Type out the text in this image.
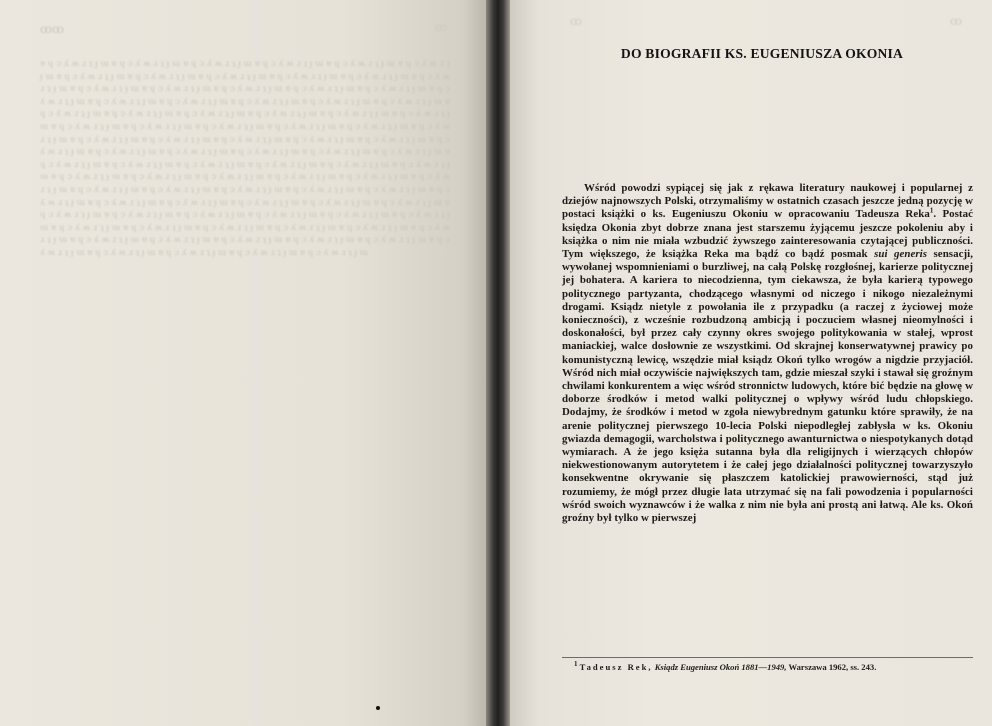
ꝏꝏ	ꝏ

ɐ ɥ ɔ ʎ ʍ ɹ ʇ ɟ ɯ ɐ ɥ ɔ ʎ ʍ ɹ ʇ ɟ ɯ ɐ ɥ ɔ ʎ ʍ ɹ ʇ ɟ ɯ ɐ ɥ ɔ ʎ ʍ ɹ ʇ ɟ ɯ ɐ ɥ ɔ ʎ ʍ ɹ ʇ ɟ ɯ ɐ ɥ ɔ ʎ ʍ ɹ ʇ ɟ ɯ ɐ ɥ ɔ ʎ ʍ ɹ ʇ ɟ ɯ ɐ ɥ ɔ ʎ ʍ ɹ ʇ ɟ ɯ ɐ ɥ ɔ ʎ ʍ ɹ ʇ ɟ ɯ ɐ ɥ ɔ ʎ ʍ ɹ ʇ ɟ ɯ ɐ ɥ ɔ ʎ ʍ ɹ ʇ ɟ ɯ ɐ ɥ ɔ ʎ ʍ ɹ ʇ ɟ ɯ ɐ ɥ ɔ ʎ ʍ ɹ ʇ ɟ ɯ ɐ ɥ ɔ ʎ ʍ ɹ ʇ ɟ ɯ ɐ ɥ ɔ ʎ ʍ ɹ ʇ ɟ ɯ ɐ ɥ ɔ ʎ ʍ ɹ ʇ ɟ ɯ ɐ ɥ ɔ ʎ ʍ ɹ ʇ ɟ ɯ ɐ ɥ ɔ ʎ ʍ ɹ ʇ ɟ ɯ ɐ ɥ ɔ ʎ ʍ ɹ ʇ ɟ ɯ ɐ ɥ ɔ ʎ ʍ ɹ ʇ ɟ ɯ ɐ ɥ ɔ ʎ ʍ ɹ ʇ ɟ ɯ ɐ ɥ ɔ ʎ ʍ ɹ ʇ ɟ ɯ ɐ ɥ ɔ ʎ ʍ ɹ ʇ ɟ ɯ ɐ ɥ ɔ ʎ ʍ ɹ ʇ ɟ ɯ ɐ ɥ ɔ ʎ ʍ ɹ ʇ ɟ ɯ ɐ ɥ ɔ ʎ ʍ ɹ ʇ ɟ ɯ ɐ ɥ ɔ ʎ ʍ ɹ ʇ ɟ ɯ ɐ ɥ ɔ ʎ ʍ ɹ ʇ ɟ ɯ ɐ ɥ ɔ ʎ ʍ ɹ ʇ ɟ ɯ ɐ ɥ ɔ ʎ ʍ ɹ ʇ ɟ ɯ ɐ ɥ ɔ ʎ ʍ ɹ ʇ ɟ ɯ ɐ ɥ ɔ ʎ ʍ ɹ ʇ ɟ ɯ ɐ ɥ ɔ ʎ ʍ ɹ ʇ ɟ ɯ ɐ ɥ ɔ ʎ ʍ ɹ ʇ ɟ ɯ ɐ ɥ ɔ ʎ ʍ ɹ ʇ ɟ ɯ ɐ ɥ ɔ ʎ ʍ ɹ ʇ ɟ ɯ ɐ ɥ ɔ ʎ ʍ ɹ ʇ ɟ ɯ ɐ ɥ ɔ ʎ ʍ ɹ ʇ ɟ ɯ ɐ ɥ ɔ ʎ ʍ ɹ ʇ ɟ ɯ ɐ ɥ ɔ ʎ ʍ ɹ ʇ ɟ ɯ ɐ ɥ ɔ ʎ ʍ ɹ ʇ ɟ ɯ ɐ ɥ ɔ ʎ ʍ ɹ ʇ ɟ ɯ ɐ ɥ ɔ ʎ ʍ ɹ ʇ ɟ ɯ ɐ ɥ ɔ ʎ ʍ ɹ ʇ ɟ ɯ ɐ ɥ ɔ ʎ ʍ ɹ ʇ ɟ ɯ ɐ ɥ ɔ ʎ ʍ ɹ ʇ ɟ ɯ ɐ ɥ ɔ ʎ ʍ ɹ ʇ ɟ ɯ ɐ ɥ ɔ ʎ ʍ ɹ ʇ ɟ ɯ ɐ ɥ ɔ ʎ ʍ ɹ ʇ ɟ ɯ ɐ ɥ ɔ ʎ ʍ ɹ ʇ ɟ ɯ ɐ ɥ ɔ ʎ ʍ ɹ ʇ ɟ ɯ ɐ ɥ ɔ ʎ ʍ ɹ ʇ ɟ ɯ ɐ ɥ ɔ ʎ ʍ ɹ ʇ ɟ ɯ ɐ ɥ ɔ ʎ ʍ ɹ ʇ ɟ ɯ ɐ ɥ ɔ ʎ ʍ ɹ ʇ ɟ ɯ ɐ ɥ ɔ ʎ ʍ ɹ ʇ ɟ ɯ ɐ ɥ ɔ ʎ ʍ ɹ ʇ ɟ ɯ ɐ ɥ ɔ ʎ ʍ ɹ ʇ ɟ ɯ ɐ ɥ ɔ ʎ ʍ ɹ ʇ ɟ ɯ ɐ ɥ ɔ ʎ ʍ ɹ ʇ ɟ ɯ ɐ ɥ ɔ ʎ ʍ ɹ ʇ ɟ ɯ ɐ ɥ ɔ ʎ ʍ ɹ ʇ ɟ ɯ ɐ ɥ ɔ ʎ ʍ ɹ ʇ ɟ ɯ ɐ ɥ ɔ ʎ ʍ ɹ ʇ ɟ ɯ ɐ ɥ ɔ ʎ ʍ ɹ ʇ ɟ ɯ ɐ ɥ ɔ ʎ ʍ ɹ ʇ ɟ ɯ ɐ ɥ ɔ ʎ ʍ ɹ ʇ ɟ ɯ ɐ ɥ ɔ ʎ ʍ ɹ ʇ ɟ ɯ ɐ ɥ ɔ ʎ ʍ ɹ ʇ ɟ ɯ ɐ ɥ ɔ ʎ ʍ ɹ ʇ ɟ ɯ ɐ ɥ ɔ ʎ ʍ ɹ ʇ ɟ ɯ ɐ ɥ ɔ ʎ ʍ ɹ ʇ ɟ ɯ ɐ ɥ ɔ ʎ ʍ ɹ ʇ ɟ ɯ ɐ ɥ ɔ ʎ ʍ ɹ ʇ ɟ ɯ ɐ ɥ ɔ ʎ ʍ ɹ ʇ ɟ ɯ ɐ ɥ ɔ ʎ ʍ ɹ ʇ ɟ ɯ ɐ ɥ ɔ ʎ ʍ ɹ ʇ ɟ ɯ ɐ ɥ ɔ ʎ ʍ ɹ ʇ ɟ ɯ ɐ ɥ ɔ ʎ ʍ ɹ ʇ ɟ ɯ ɐ ɥ ɔ ʎ ʍ ɹ ʇ ɟ ɯ ɐ ɥ ɔ ʎ ʍ ɹ ʇ ɟ ɯ ɐ ɥ ɔ ʎ ʍ ɹ ʇ ɟ ɯ ɐ ɥ ɔ ʎ ʍ ɹ ʇ ɟ ɯ ɐ ɥ ɔ ʎ ʍ ɹ ʇ ɟ ɯ ɐ ɥ ɔ ʎ ʍ ɹ ʇ ɟ ɯ ɐ ɥ ɔ ʎ ʍ ɹ ʇ ɟ ɯ ɐ ɥ ɔ ʎ ʍ ɹ ʇ ɟ ɯ ɐ ɥ ɔ ʎ ʍ ɹ ʇ ɟ ɯ ɐ ɥ ɔ ʎ ʍ ɹ ʇ ɟ ɯ ɐ ɥ ɔ ʎ ʍ ɹ ʇ ɟ ɯ ɐ ɥ ɔ ʎ ʍ ɹ ʇ ɟ ɯ

ꝏ	ꝏ
DO BIOGRAFII KS. EUGENIUSZA OKONIA

Wśród powodzi sypiącej się jak z rękawa literatury naukowej i popularnej z dziejów najnowszych Polski, otrzymaliśmy w ostatnich czasach jeszcze jedną pozycję w postaci książki o ks. Eugeniuszu Okoniu w opracowaniu Tadeusza Reka$^1$. Postać księdza Okonia zbyt dobrze znana jest starszemu żyjącemu jeszcze pokoleniu aby i książka o nim nie miała wzbudzić żywszego zainteresowania czytającej publiczności. Tym większego, że książka Reka ma bądź co bądź posmak sui generis sensacji, wywołanej wspomnieniami o burzliwej, na całą Polskę rozgłośnej, karierze politycznej jej bohatera. A kariera to niecodzienna, tym ciekawsza, że była karierą typowego politycznego partyzanta, chodzącego własnymi od niczego i nikogo niezależnymi drogami. Ksiądz nietyle z powołania ile z przypadku (a raczej z życiowej może konieczności), z wcześnie rozbudzoną ambicją i poczuciem własnej nieomylności i doskonałości, był przez cały czynny okres swojego politykowania w stałej, wprost maniackiej, walce dosłownie ze wszystkimi. Od skrajnej konserwatywnej prawicy po komunistyczną lewicę, wszędzie miał ksiądz Okoń tylko wrogów a nigdzie przyjaciół. Wśród nich miał oczywiście największych tam, gdzie mieszał szyki i stawał się groźnym chwilami konkurentem a więc wśród stronnictw ludowych, które bić będzie na głowę w doborze środków i metod walki politycznej o wpływy wśród ludu chłopskiego. Dodajmy, że środków i metod w zgoła niewybrednym gatunku które sprawiły, że na arenie politycznej pierwszego 10-lecia Polski niepodległej zabłysła w ks. Okoniu gwiazda demagogii, warcholstwa i politycznego awanturnictwa o niespotykanych dotąd wymiarach. A że jego księża sutanna była dla religijnych i wierzących chłopów niekwestionowanym autorytetem i że całej jego działalności politycznej towarzyszyło konsekwentne okrywanie się płaszczem katolickiej prawowierności, stąd już rozumiemy, że mógł przez długie lata utrzymać się na fali powodzenia i popularności wśród swoich wyznawców i że walka z nim nie była ani prostą ani łatwą. Ale ks. Okoń groźny był tylko w pierwszej

$^1$ Tadeusz Rek, Ksiądz Eugeniusz Okoń 1881—1949, Warszawa 1962, ss. 243.
